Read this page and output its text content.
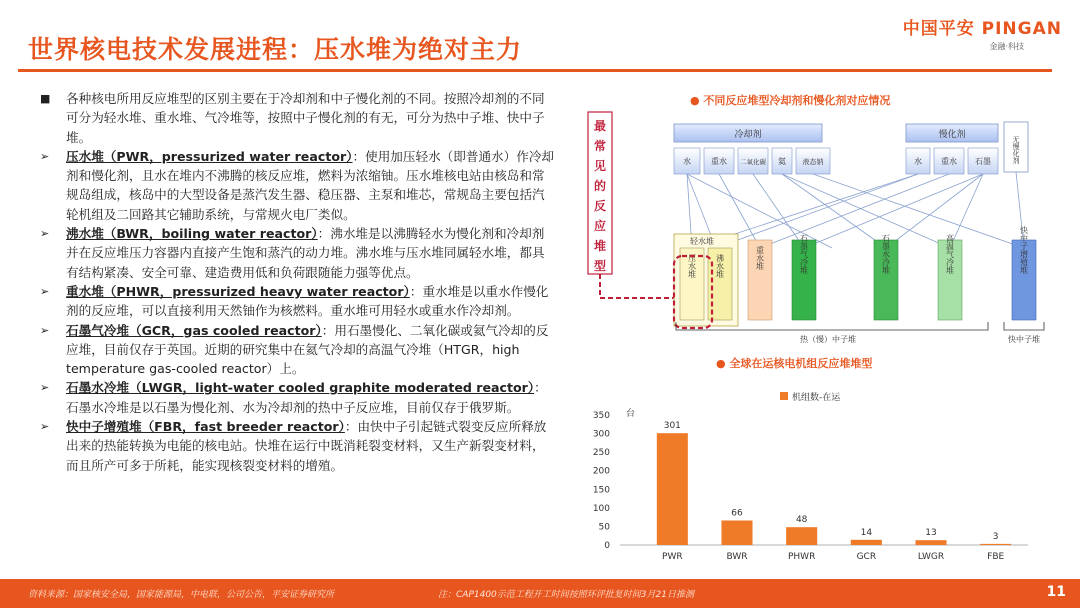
世界核电技术发展进程：压水堆为绝对主力
中国平安 PINGAN
金融·科技

■ 各种核电所用反应堆型的区别主要在于冷却剂和中子慢化剂的不同。按照冷却剂的不同可分为轻水堆、重水堆、气冷堆等，按照中子慢化剂的有无，可分为热中子堆、快中子堆。

➢ 压水堆（PWR，pressurized water reactor）：使用加压轻水（即普通水）作冷却剂和慢化剂，且水在堆内不沸腾的核反应堆，燃料为浓缩铀。压水堆核电站由核岛和常规岛组成，核岛中的大型设备是蒸汽发生器、稳压器、主泵和堆芯，常规岛主要包括汽轮机组及二回路其它辅助系统，与常规火电厂类似。

➢ 沸水堆（BWR，boiling water reactor）：沸水堆是以沸腾轻水为慢化剂和冷却剂并在反应堆压力容器内直接产生饱和蒸汽的动力堆。沸水堆与压水堆同属轻水堆，都具有结构紧凑、安全可靠、建造费用低和负荷跟随能力强等优点。

➢ 重水堆（PHWR，pressurized heavy water reactor）：重水堆是以重水作慢化剂的反应堆，可以直接利用天然铀作为核燃料。重水堆可用轻水或重水作冷却剂。

➢ 石墨气冷堆（GCR，gas cooled reactor）：用石墨慢化、二氧化碳或氦气冷却的反应堆，目前仅存于英国。近期的研究集中在氦气冷却的高温气冷堆（HTGR，high temperature gas-cooled reactor）上。

➢ 石墨水冷堆（LWGR，light-water cooled graphite moderated reactor）：石墨水冷堆是以石墨为慢化剂、水为冷却剂的热中子反应堆，目前仅存于俄罗斯。

➢ 快中子增殖堆（FBR，fast breeder reactor）：由快中子引起链式裂变反应所释放出来的热能转换为电能的核电站。快堆在运行中既消耗裂变材料，又生产新裂变材料，而且所产可多于所耗，能实现核裂变材料的增殖。

● 不同反应堆型冷却剂和慢化剂对应情况
最
常
见
的
反
应
堆
型
冷却剂	慢化剂
无慢化剂
水	重水 二氧化碳 氦 液态钠	水 重水 石墨
轻水堆
压水堆 沸水堆	重水堆	石墨气冷堆	石墨水冷堆	高温气冷堆	快中子增殖堆
热（慢）中子堆	快中子堆
● 全球在运核电机组反应堆堆型
机组数-在运
台
0
50
100
150
200
250
300
350
301
PWR
66
BWR
48
PHWR
14
GCR
13
LWGR
3
FBE
资料来源：国家核安全局，国家能源局，中电联，公司公告，平安证券研究所	注：CAP1400示范工程开工时间按照环评批复时间3月21日推测	11
